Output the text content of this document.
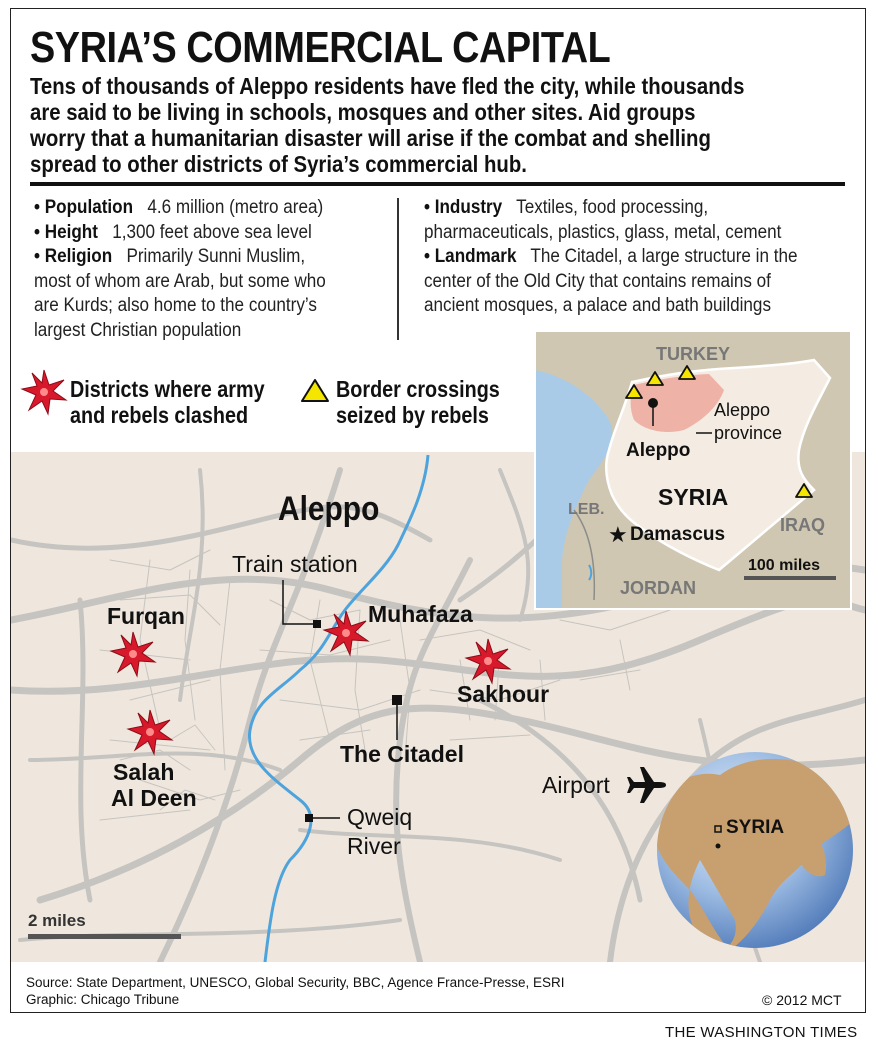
★
SYRIA’S COMMERCIAL CAPITAL
Tens of thousands of Aleppo residents have fled the city, while thousands
are said to be living in schools, mosques and other sites. Aid groups
worry that a humanitarian disaster will arise if the combat and shelling
spread to other districts of Syria’s commercial hub.
• Population 4.6 million (metro area)
• Height 1,300 feet above sea level
• Religion Primarily Sunni Muslim,
most of whom are Arab, but some who
are Kurds; also home to the country’s
largest Christian population
• Industry Textiles, food processing,
pharmaceuticals, plastics, glass, metal, cement
• Landmark The Citadel, a large structure in the
center of the Old City that contains remains of
ancient mosques, a palace and bath buildings
Districts where army
and rebels clashed
Border crossings
seized by rebels
Aleppo
Train station
Muhafaza
Furqan
Sakhour
The Citadel
Salah
Al Deen
Qweiq
River
Airport
2 miles
SYRIA
TURKEY
Aleppo
province
Aleppo
SYRIA
LEB.
Damascus	IRAQ
JORDAN
100 miles
Source: State Department, UNESCO, Global Security, BBC, Agence France-Presse, ESRI
Graphic: Chicago Tribune	© 2012 MCT
THE WASHINGTON TIMES
